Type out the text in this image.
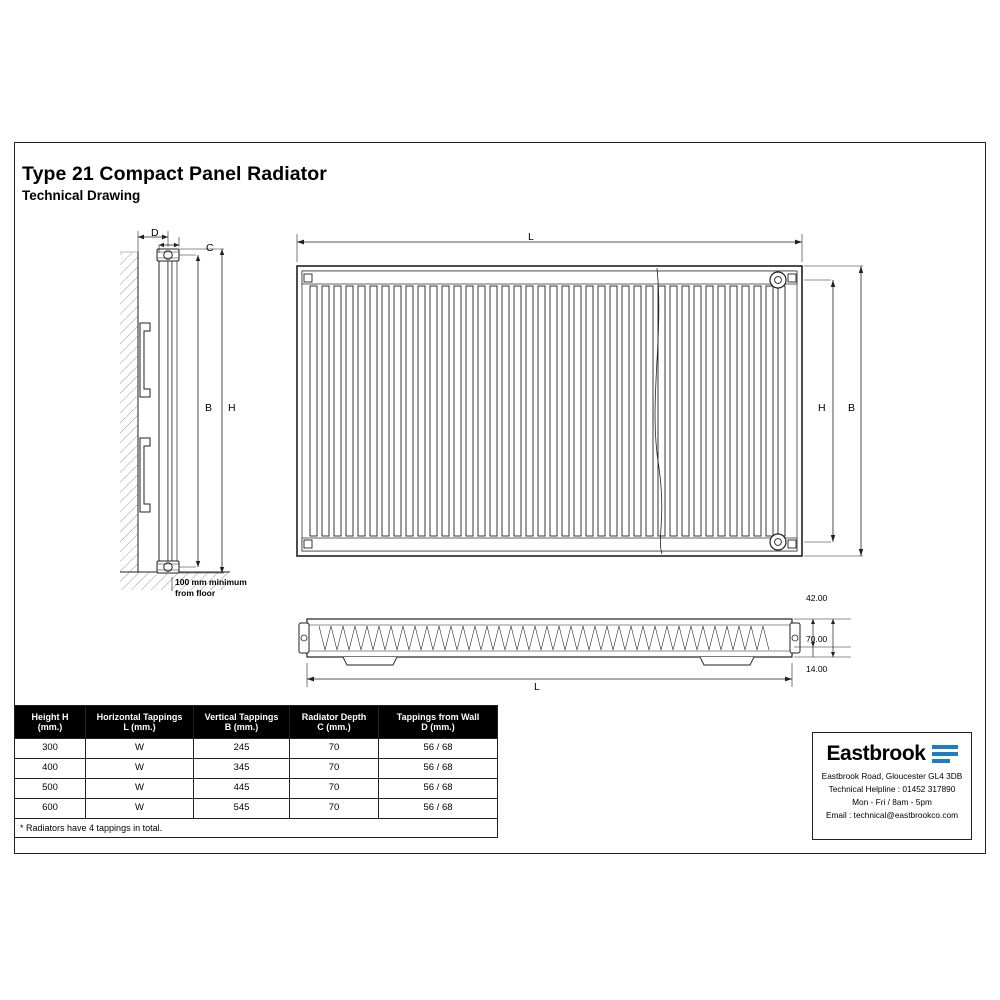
Type 21 Compact Panel Radiator
Technical Drawing
D
C
B H
100 mm minimum
from floor
L
H B
L
42.00
70.00
14.00
Height H
(mm.)

Horizontal Tappings
L (mm.)

Vertical Tappings
B (mm.)

Radiator Depth
C (mm.)

Tappings from Wall
D (mm.)

300	W	245	70	56 / 68
400	W	345	70	56 / 68
500	W	445	70	56 / 68
600	W	545	70	56 / 68
* Radiators have 4 tappings in total.				
Eastbrook
Eastbrook Road, Gloucester GL4 3DB
Technical Helpline : 01452 317890
Mon - Fri / 8am - 5pm
Email : technical@eastbrookco.com
